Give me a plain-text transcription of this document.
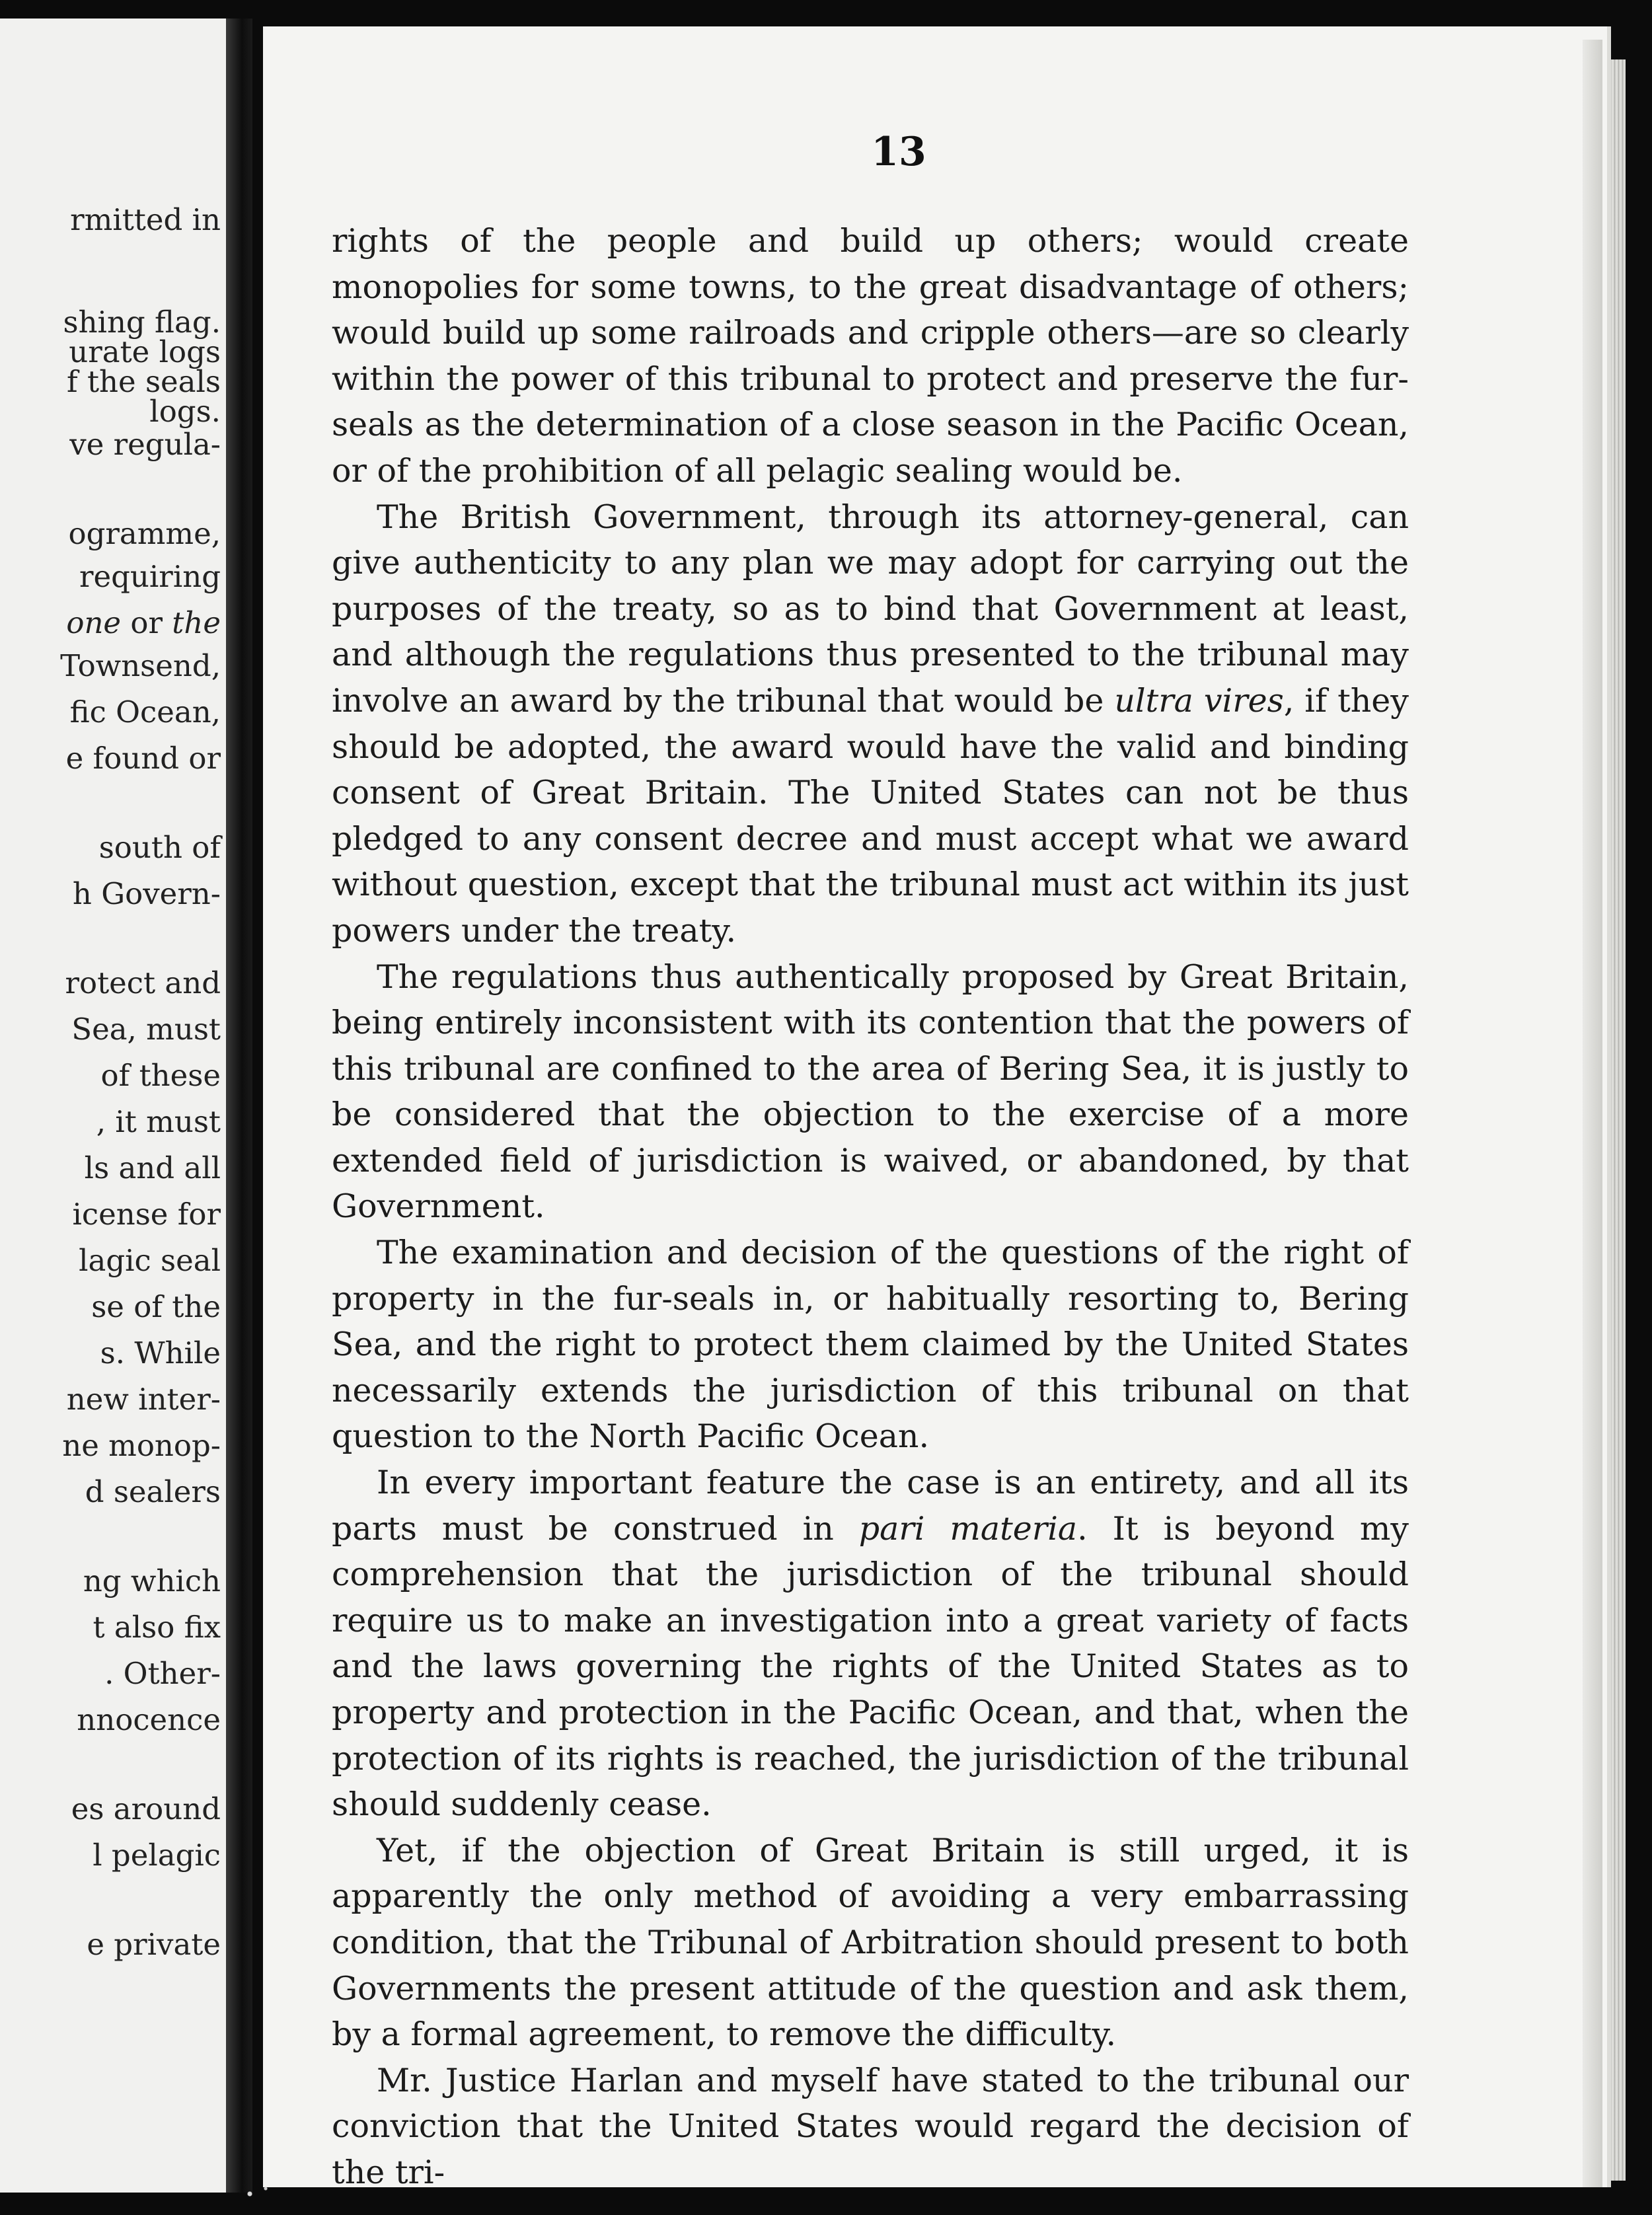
rmitted in

shing flag.

urate logs

f the seals

logs.

ve regula-

ogramme,

requiring

one or the

Townsend,

fic Ocean,

e found or

south of

h Govern-

rotect and

Sea, must

of these

, it must

ls and all

icense for

lagic seal

se of the

s. While

new inter-

ne monop-

d sealers

ng which

t also fix

. Other-

nnocence

es around

l pelagic

e private

13

rights of the people and build up others; would create monopolies for some towns, to the great disadvantage of others; would build up some railroads and cripple others—are so clearly within the power of this tribunal to protect and preserve the fur-seals as the determination of a close season in the Pacific Ocean, or of the prohibition of all pelagic sealing would be.

The British Government, through its attorney-general, can give authenticity to any plan we may adopt for carrying out the purposes of the treaty, so as to bind that Government at least, and although the regulations thus presented to the tribunal may involve an award by the tribunal that would be ultra vires, if they should be adopted, the award would have the valid and binding consent of Great Britain. The United States can not be thus pledged to any consent decree and must accept what we award without question, except that the tribunal must act within its just powers under the treaty.

The regulations thus authentically proposed by Great Britain, being entirely inconsistent with its contention that the powers of this tribunal are confined to the area of Bering Sea, it is justly to be considered that the objection to the exercise of a more extended field of jurisdiction is waived, or abandoned, by that Government.

The examination and decision of the questions of the right of property in the fur-seals in, or habitually resorting to, Bering Sea, and the right to protect them claimed by the United States necessarily extends the jurisdiction of this tribunal on that question to the North Pacific Ocean.

In every important feature the case is an entirety, and all its parts must be construed in pari materia. It is beyond my comprehension that the jurisdiction of the tribunal should require us to make an investigation into a great variety of facts and the laws governing the rights of the United States as to property and protection in the Pacific Ocean, and that, when the protection of its rights is reached, the jurisdiction of the tribunal should suddenly cease.

Yet, if the objection of Great Britain is still urged, it is apparently the only method of avoiding a very embarrassing condition, that the Tribunal of Arbitration should present to both Governments the present attitude of the question and ask them, by a formal agreement, to remove the difficulty.

Mr. Justice Harlan and myself have stated to the tribunal our conviction that the United States would regard the decision of the tri-
